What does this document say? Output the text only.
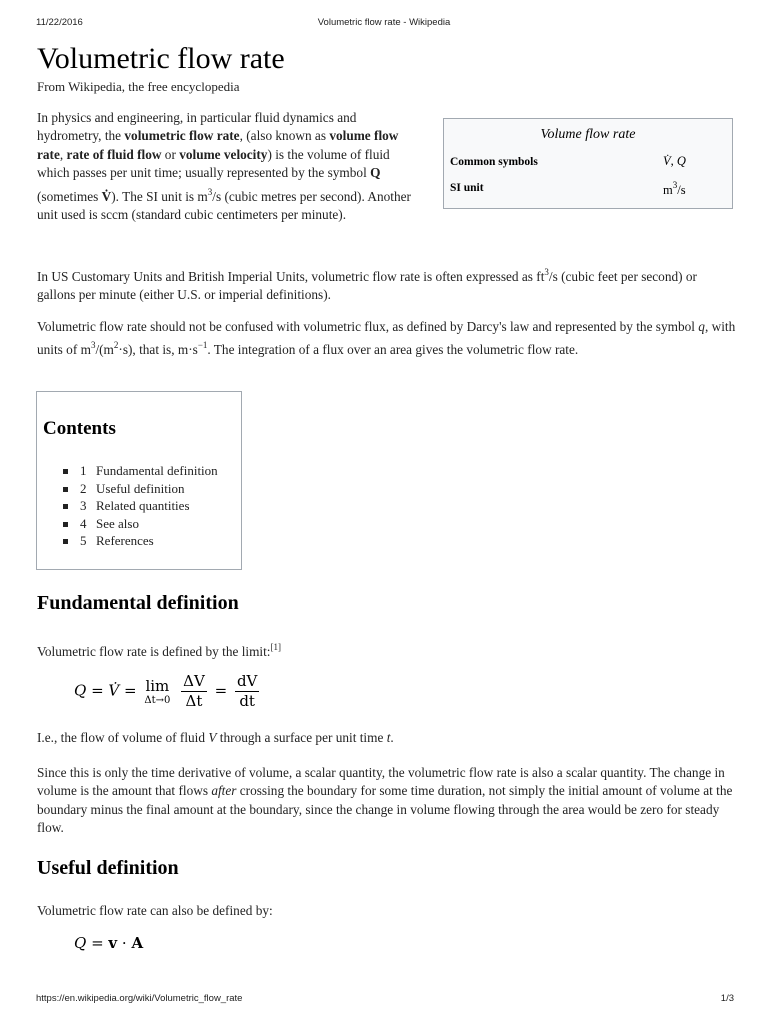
11/22/2016	Volumetric flow rate - Wikipedia
Volumetric flow rate
From Wikipedia, the free encyclopedia

In physics and engineering, in particular fluid dynamics and hydrometry, the volumetric flow rate, (also known as volume flow rate, rate of fluid flow or volume velocity) is the volume of fluid which passes per unit time; usually represented by the symbol Q (sometimes V̇). The SI unit is $m^3/s$ (cubic metres per second). Another unit used is sccm (standard cubic centimeters per minute).

Volume flow rate
Common symbols	V̇, Q
SI unit	$m^3/s$

In US Customary Units and British Imperial Units, volumetric flow rate is often expressed as $ft^3/s$ (cubic feet per second) or gallons per minute (either U.S. or imperial definitions).

Volumetric flow rate should not be confused with volumetric flux, as defined by Darcy's law and represented by the symbol q, with units of $m^3/(m^2\cdot s)$, that is, $m\cdot s^{-1}$. The integration of a flux over an area gives the volumetric flow rate.

Contents
1 Fundamental definition
2 Useful definition
3 Related quantities
4 See also
5 References
Fundamental definition

Volumetric flow rate is defined by the limit:[1]

Q = V̇ = lim
Δt→0
$\frac{\Delta V}{\Delta t} = \frac{dV}{dt}$

I.e., the flow of volume of fluid V through a surface per unit time t.

Since this is only the time derivative of volume, a scalar quantity, the volumetric flow rate is also a scalar quantity. The change in volume is the amount that flows after crossing the boundary for some time duration, not simply the initial amount of volume at the boundary minus the final amount at the boundary, since the change in volume flowing through the area would be zero for steady flow.

Useful definition

Volumetric flow rate can also be defined by:

Q = v · A
https://en.wikipedia.org/wiki/Volumetric_flow_rate	1/3
